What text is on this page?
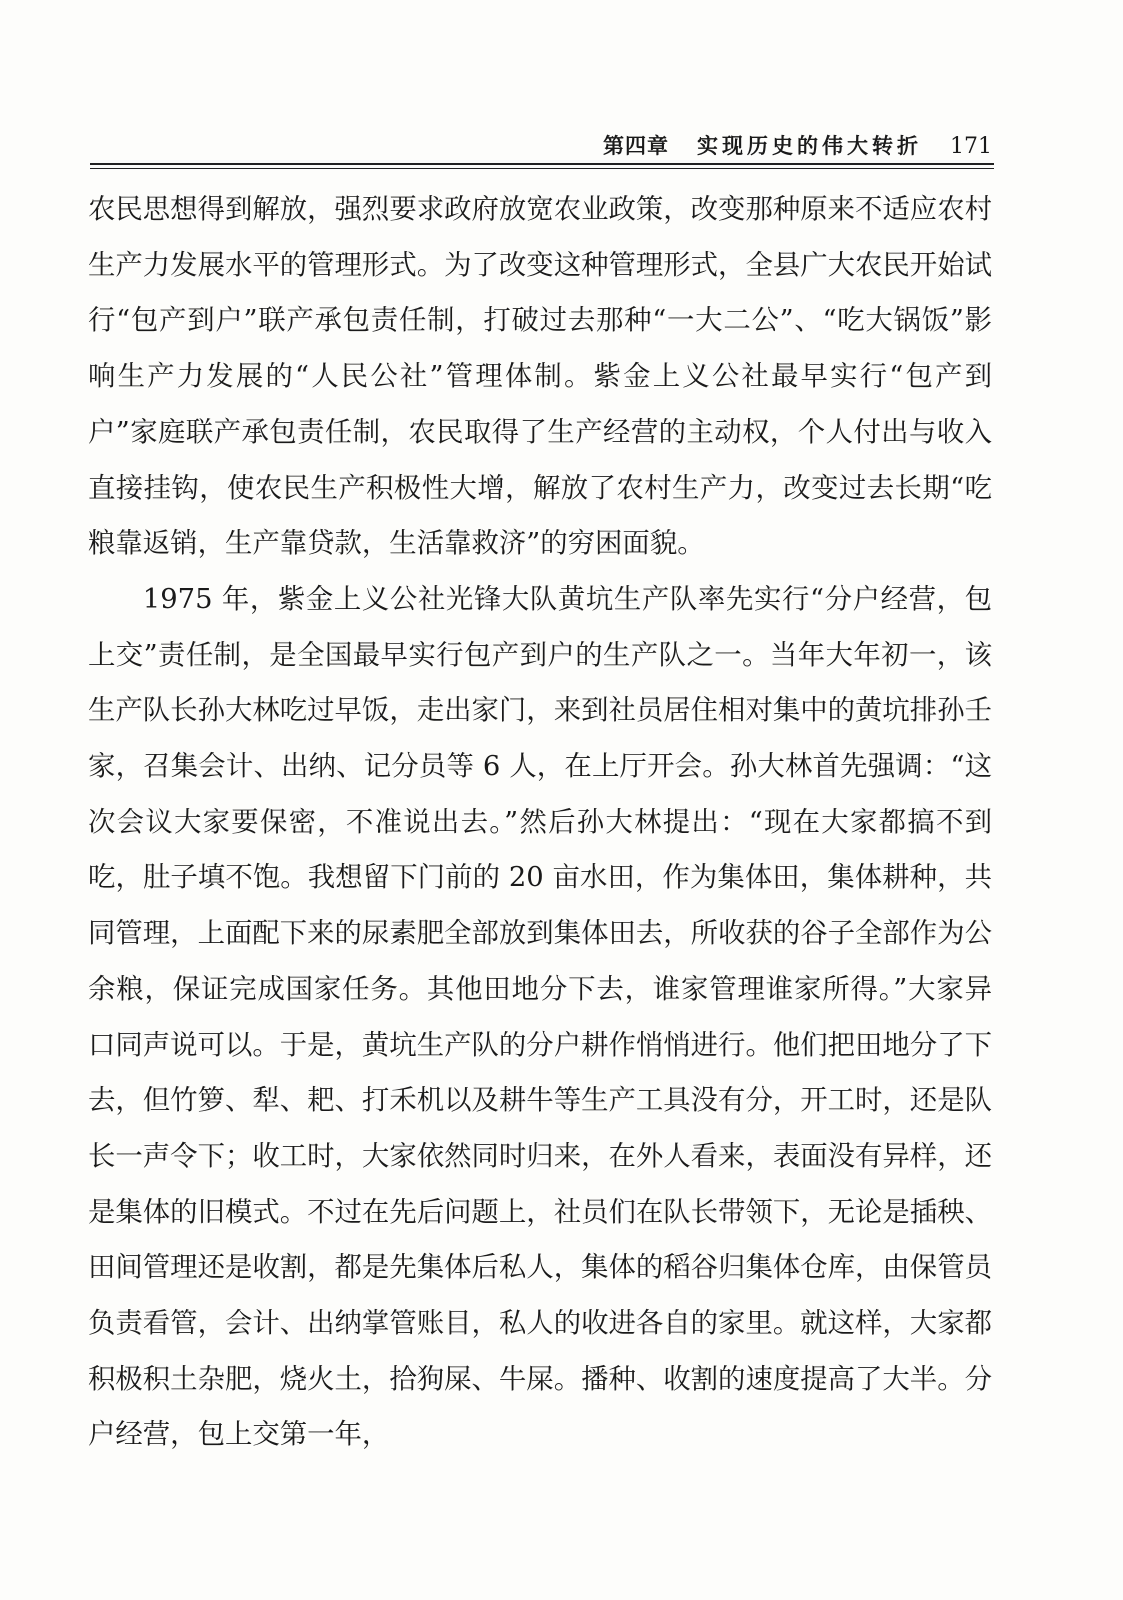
第四章 实现历史的伟大转折 171

农民思想得到解放，强烈要求政府放宽农业政策，改变那种原来不适应农村生产力发展水平的管理形式。为了改变这种管理形式，全县广大农民开始试行“包产到户”联产承包责任制，打破过去那种“一大二公”、“吃大锅饭”影响生产力发展的“人民公社”管理体制。紫金上义公社最早实行“包产到户”家庭联产承包责任制，农民取得了生产经营的主动权，个人付出与收入直接挂钩，使农民生产积极性大增，解放了农村生产力，改变过去长期“吃粮靠返销，生产靠贷款，生活靠救济”的穷困面貌。

1975 年，紫金上义公社光锋大队黄坑生产队率先实行“分户经营，包上交”责任制，是全国最早实行包产到户的生产队之一。当年大年初一，该生产队长孙大林吃过早饭，走出家门，来到社员居住相对集中的黄坑排孙壬家，召集会计、出纳、记分员等 6 人，在上厅开会。孙大林首先强调：“这次会议大家要保密，不准说出去。”然后孙大林提出：“现在大家都搞不到吃，肚子填不饱。我想留下门前的 20 亩水田，作为集体田，集体耕种，共同管理，上面配下来的尿素肥全部放到集体田去，所收获的谷子全部作为公余粮，保证完成国家任务。其他田地分下去，谁家管理谁家所得。”大家异口同声说可以。于是，黄坑生产队的分户耕作悄悄进行。他们把田地分了下去，但竹箩、犁、耙、打禾机以及耕牛等生产工具没有分，开工时，还是队长一声令下；收工时，大家依然同时归来，在外人看来，表面没有异样，还是集体的旧模式。不过在先后问题上，社员们在队长带领下，无论是插秧、田间管理还是收割，都是先集体后私人，集体的稻谷归集体仓库，由保管员负责看管，会计、出纳掌管账目，私人的收进各自的家里。就这样，大家都积极积土杂肥，烧火土，拾狗屎、牛屎。播种、收割的速度提高了大半。分户经营，包上交第一年，
